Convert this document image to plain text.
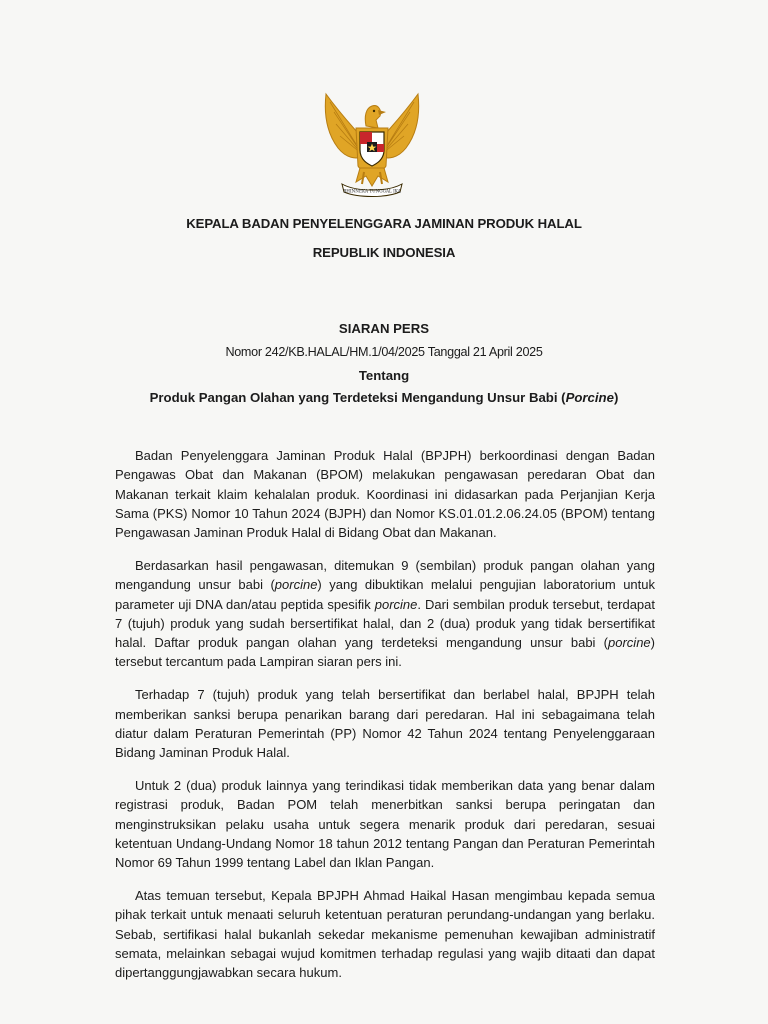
BHINNEKA TUNGGAL IKA
KEPALA BADAN PENYELENGGARA JAMINAN PRODUK HALAL
REPUBLIK INDONESIA
SIARAN PERS
Nomor 242/KB.HALAL/HM.1/04/2025 Tanggal 21 April 2025
Tentang
Produk Pangan Olahan yang Terdeteksi Mengandung Unsur Babi (Porcine)

Badan Penyelenggara Jaminan Produk Halal (BPJPH) berkoordinasi dengan Badan Pengawas Obat dan Makanan (BPOM) melakukan pengawasan peredaran Obat dan Makanan terkait klaim kehalalan produk. Koordinasi ini didasarkan pada Perjanjian Kerja Sama (PKS) Nomor 10 Tahun 2024 (BJPH) dan Nomor KS.01.01.2.06.24.05 (BPOM) tentang Pengawasan Jaminan Produk Halal di Bidang Obat dan Makanan.

Berdasarkan hasil pengawasan, ditemukan 9 (sembilan) produk pangan olahan yang mengandung unsur babi (porcine) yang dibuktikan melalui pengujian laboratorium untuk parameter uji DNA dan/atau peptida spesifik porcine. Dari sembilan produk tersebut, terdapat 7 (tujuh) produk yang sudah bersertifikat halal, dan 2 (dua) produk yang tidak bersertifikat halal. Daftar produk pangan olahan yang terdeteksi mengandung unsur babi (porcine) tersebut tercantum pada Lampiran siaran pers ini.

Terhadap 7 (tujuh) produk yang telah bersertifikat dan berlabel halal, BPJPH telah memberikan sanksi berupa penarikan barang dari peredaran. Hal ini sebagaimana telah diatur dalam Peraturan Pemerintah (PP) Nomor 42 Tahun 2024 tentang Penyelenggaraan Bidang Jaminan Produk Halal.

Untuk 2 (dua) produk lainnya yang terindikasi tidak memberikan data yang benar dalam registrasi produk, Badan POM telah menerbitkan sanksi berupa peringatan dan menginstruksikan pelaku usaha untuk segera menarik produk dari peredaran, sesuai ketentuan Undang-Undang Nomor 18 tahun 2012 tentang Pangan dan Peraturan Pemerintah Nomor 69 Tahun 1999 tentang Label dan Iklan Pangan.

Atas temuan tersebut, Kepala BPJPH Ahmad Haikal Hasan mengimbau kepada semua pihak terkait untuk menaati seluruh ketentuan peraturan perundang-undangan yang berlaku. Sebab, sertifikasi halal bukanlah sekedar mekanisme pemenuhan kewajiban administratif semata, melainkan sebagai wujud komitmen terhadap regulasi yang wajib ditaati dan dapat dipertanggungjawabkan secara hukum.
